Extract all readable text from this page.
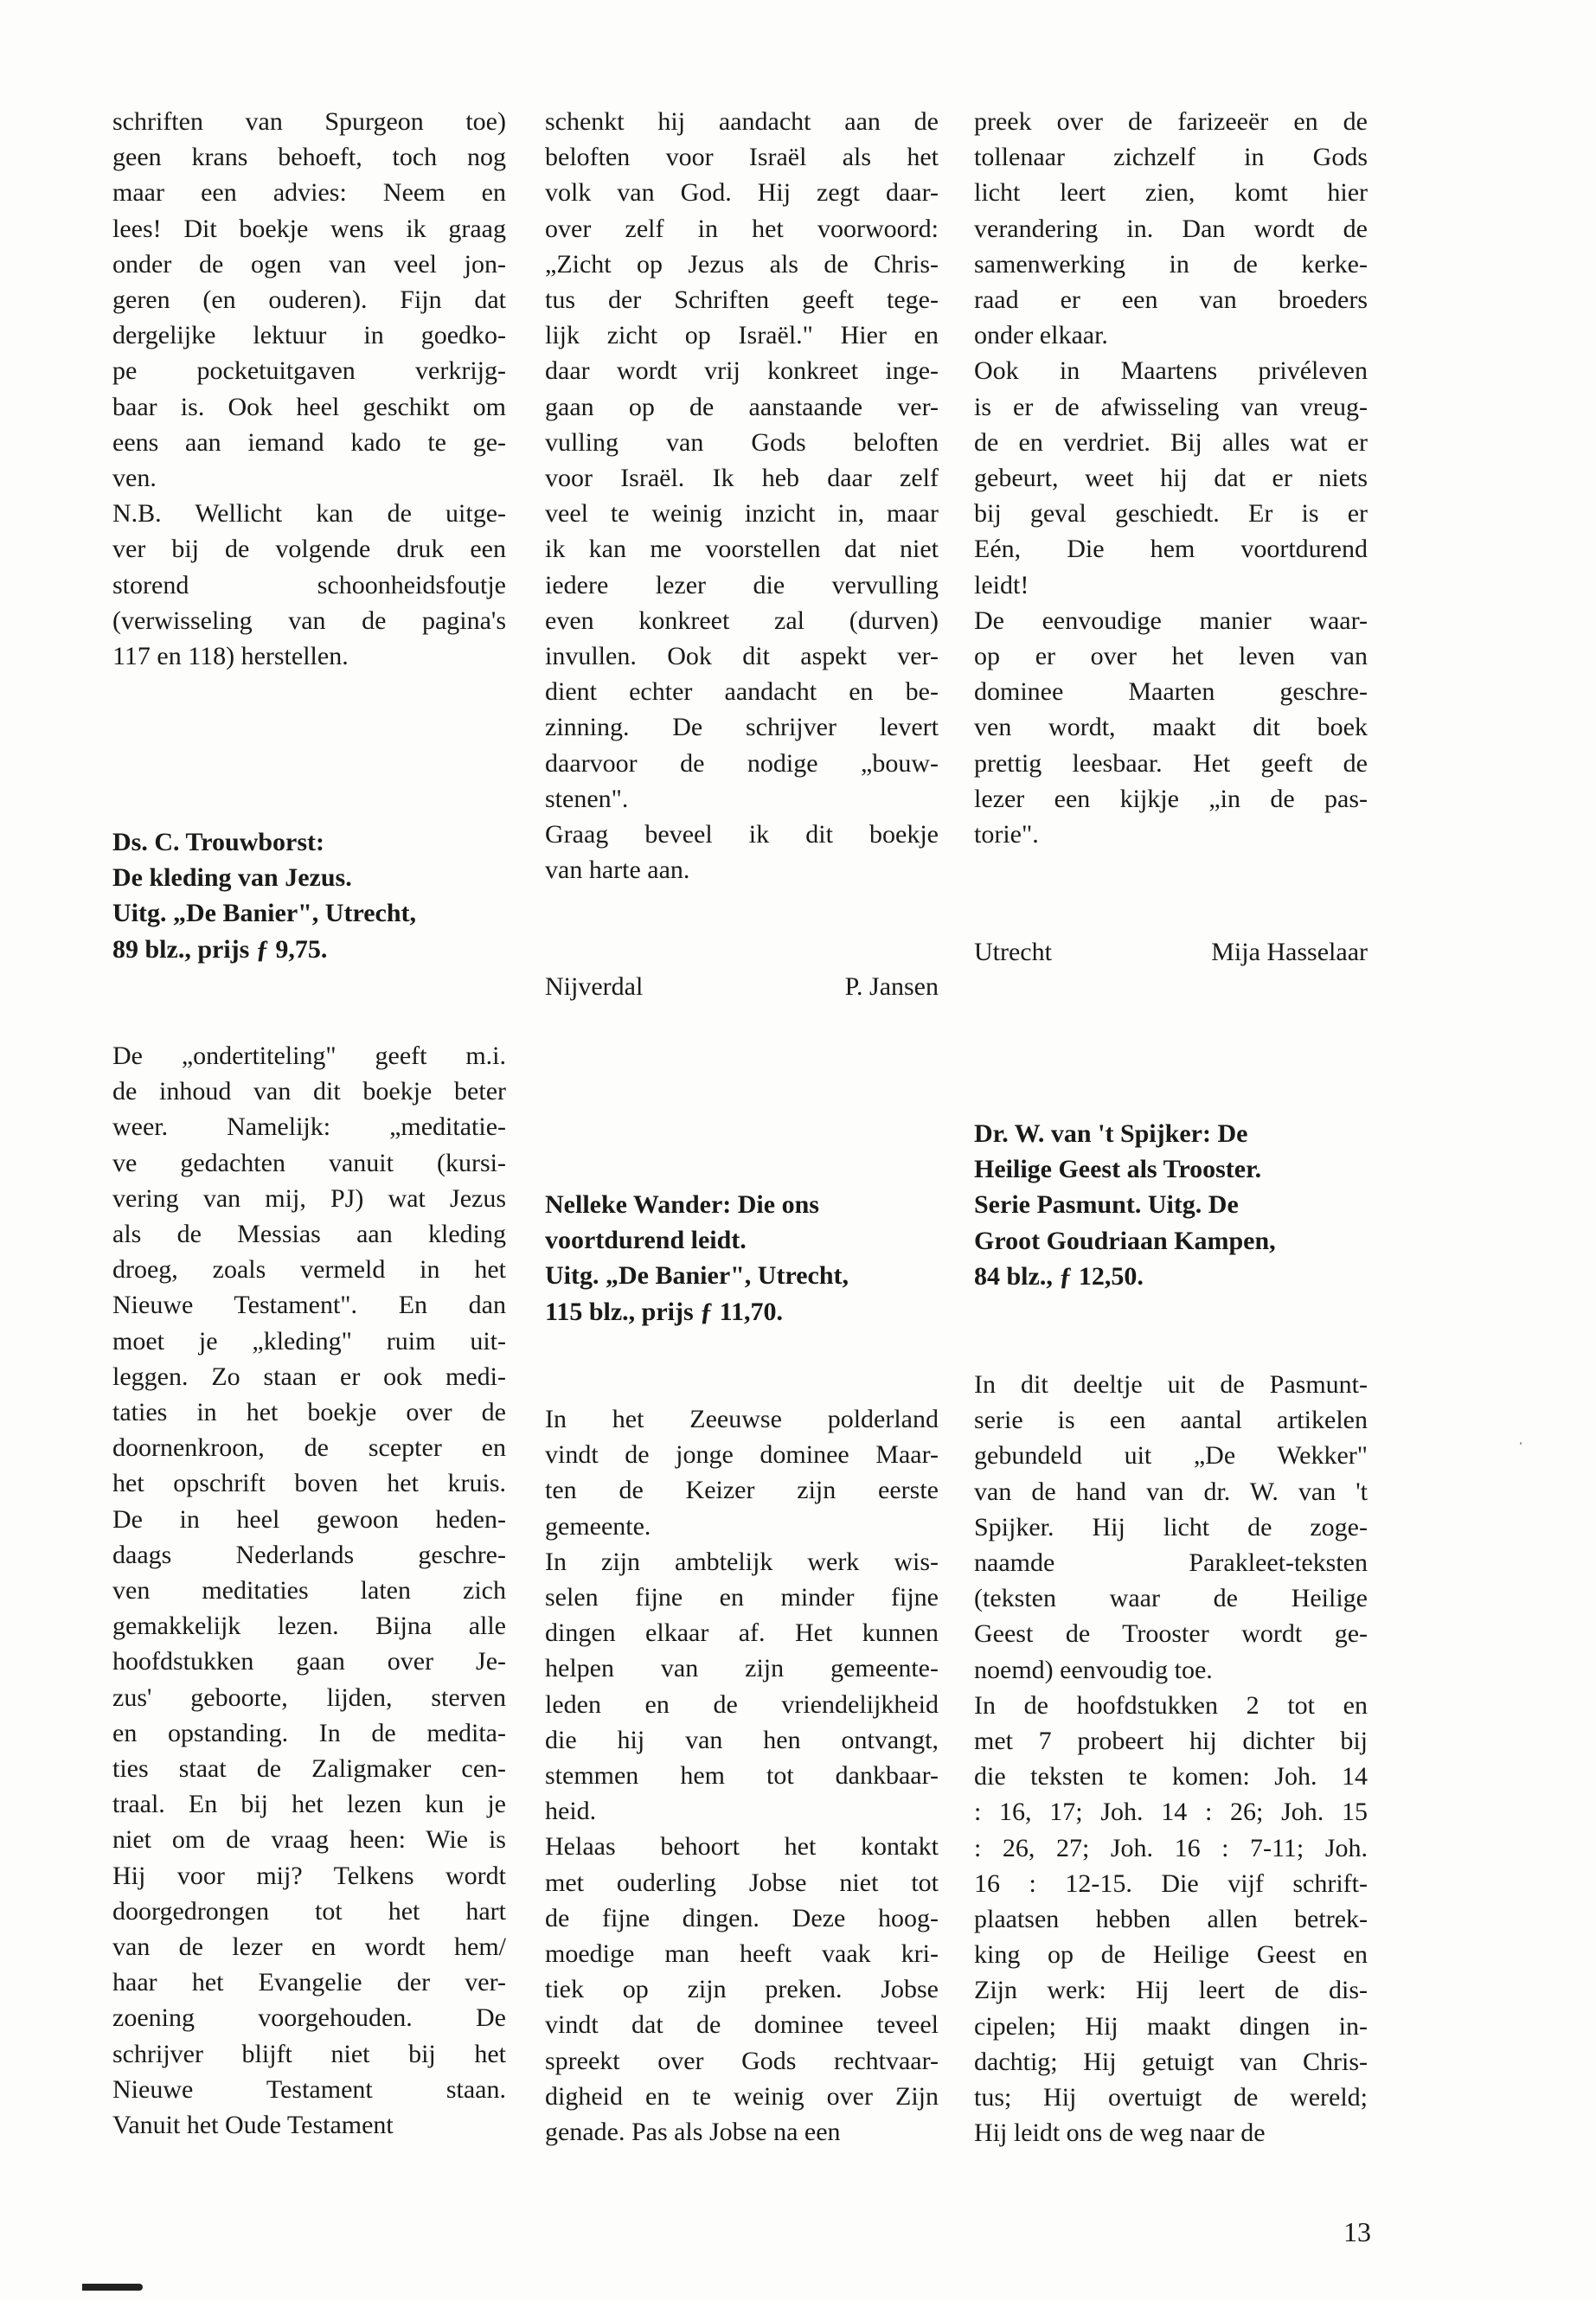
schriften van Spurgeon toe)
geen krans behoeft, toch nog
maar een advies: Neem en
lees! Dit boekje wens ik graag
onder de ogen van veel jon-
geren (en ouderen). Fijn dat
dergelijke lektuur in goedko-
pe pocketuitgaven verkrijg-
baar is. Ook heel geschikt om
eens aan iemand kado te ge-
ven.
N.B. Wellicht kan de uitge-
ver bij de volgende druk een
storend schoonheidsfoutje
(verwisseling van de pagina's
117 en 118) herstellen.
Ds. C. Trouwborst:
De kleding van Jezus.
Uitg. „De Banier", Utrecht,
89 blz., prijs ƒ 9,75.
De „ondertiteling" geeft m.i.
de inhoud van dit boekje beter
weer. Namelijk: „meditatie-
ve gedachten vanuit (kursi-
vering van mij, PJ) wat Jezus
als de Messias aan kleding
droeg, zoals vermeld in het
Nieuwe Testament". En dan
moet je „kleding" ruim uit-
leggen. Zo staan er ook medi-
taties in het boekje over de
doornenkroon, de scepter en
het opschrift boven het kruis.
De in heel gewoon heden-
daags Nederlands geschre-
ven meditaties laten zich
gemakkelijk lezen. Bijna alle
hoofdstukken gaan over Je-
zus' geboorte, lijden, sterven
en opstanding. In de medita-
ties staat de Zaligmaker cen-
traal. En bij het lezen kun je
niet om de vraag heen: Wie is
Hij voor mij? Telkens wordt
doorgedrongen tot het hart
van de lezer en wordt hem/
haar het Evangelie der ver-
zoening voorgehouden. De
schrijver blijft niet bij het
Nieuwe Testament staan.
Vanuit het Oude Testament
schenkt hij aandacht aan de
beloften voor Israël als het
volk van God. Hij zegt daar-
over zelf in het voorwoord:
„Zicht op Jezus als de Chris-
tus der Schriften geeft tege-
lijk zicht op Israël." Hier en
daar wordt vrij konkreet inge-
gaan op de aanstaande ver-
vulling van Gods beloften
voor Israël. Ik heb daar zelf
veel te weinig inzicht in, maar
ik kan me voorstellen dat niet
iedere lezer die vervulling
even konkreet zal (durven)
invullen. Ook dit aspekt ver-
dient echter aandacht en be-
zinning. De schrijver levert
daarvoor de nodige „bouw-
stenen".
Graag beveel ik dit boekje
van harte aan.
Nijverdal	P. Jansen
Nelleke Wander: Die ons
voortdurend leidt.
Uitg. „De Banier", Utrecht,
115 blz., prijs ƒ 11,70.
In het Zeeuwse polderland
vindt de jonge dominee Maar-
ten de Keizer zijn eerste
gemeente.
In zijn ambtelijk werk wis-
selen fijne en minder fijne
dingen elkaar af. Het kunnen
helpen van zijn gemeente-
leden en de vriendelijkheid
die hij van hen ontvangt,
stemmen hem tot dankbaar-
heid.
Helaas behoort het kontakt
met ouderling Jobse niet tot
de fijne dingen. Deze hoog-
moedige man heeft vaak kri-
tiek op zijn preken. Jobse
vindt dat de dominee teveel
spreekt over Gods rechtvaar-
digheid en te weinig over Zijn
genade. Pas als Jobse na een
preek over de farizeeër en de
tollenaar zichzelf in Gods
licht leert zien, komt hier
verandering in. Dan wordt de
samenwerking in de kerke-
raad er een van broeders
onder elkaar.
Ook in Maartens privéleven
is er de afwisseling van vreug-
de en verdriet. Bij alles wat er
gebeurt, weet hij dat er niets
bij geval geschiedt. Er is er
Eén, Die hem voortdurend
leidt!
De eenvoudige manier waar-
op er over het leven van
dominee Maarten geschre-
ven wordt, maakt dit boek
prettig leesbaar. Het geeft de
lezer een kijkje „in de pas-
torie".
Utrecht	Mija Hasselaar
Dr. W. van 't Spijker: De
Heilige Geest als Trooster.
Serie Pasmunt. Uitg. De
Groot Goudriaan Kampen,
84 blz., ƒ 12,50.
In dit deeltje uit de Pasmunt-
serie is een aantal artikelen
gebundeld uit „De Wekker"
van de hand van dr. W. van 't
Spijker. Hij licht de zoge-
naamde Parakleet-teksten
(teksten waar de Heilige
Geest de Trooster wordt ge-
noemd) eenvoudig toe.
In de hoofdstukken 2 tot en
met 7 probeert hij dichter bij
die teksten te komen: Joh. 14
: 16, 17; Joh. 14 : 26; Joh. 15
: 26, 27; Joh. 16 : 7-11; Joh.
16 : 12-15. Die vijf schrift-
plaatsen hebben allen betrek-
king op de Heilige Geest en
Zijn werk: Hij leert de dis-
cipelen; Hij maakt dingen in-
dachtig; Hij getuigt van Chris-
tus; Hij overtuigt de wereld;
Hij leidt ons de weg naar de
13
ˌ
